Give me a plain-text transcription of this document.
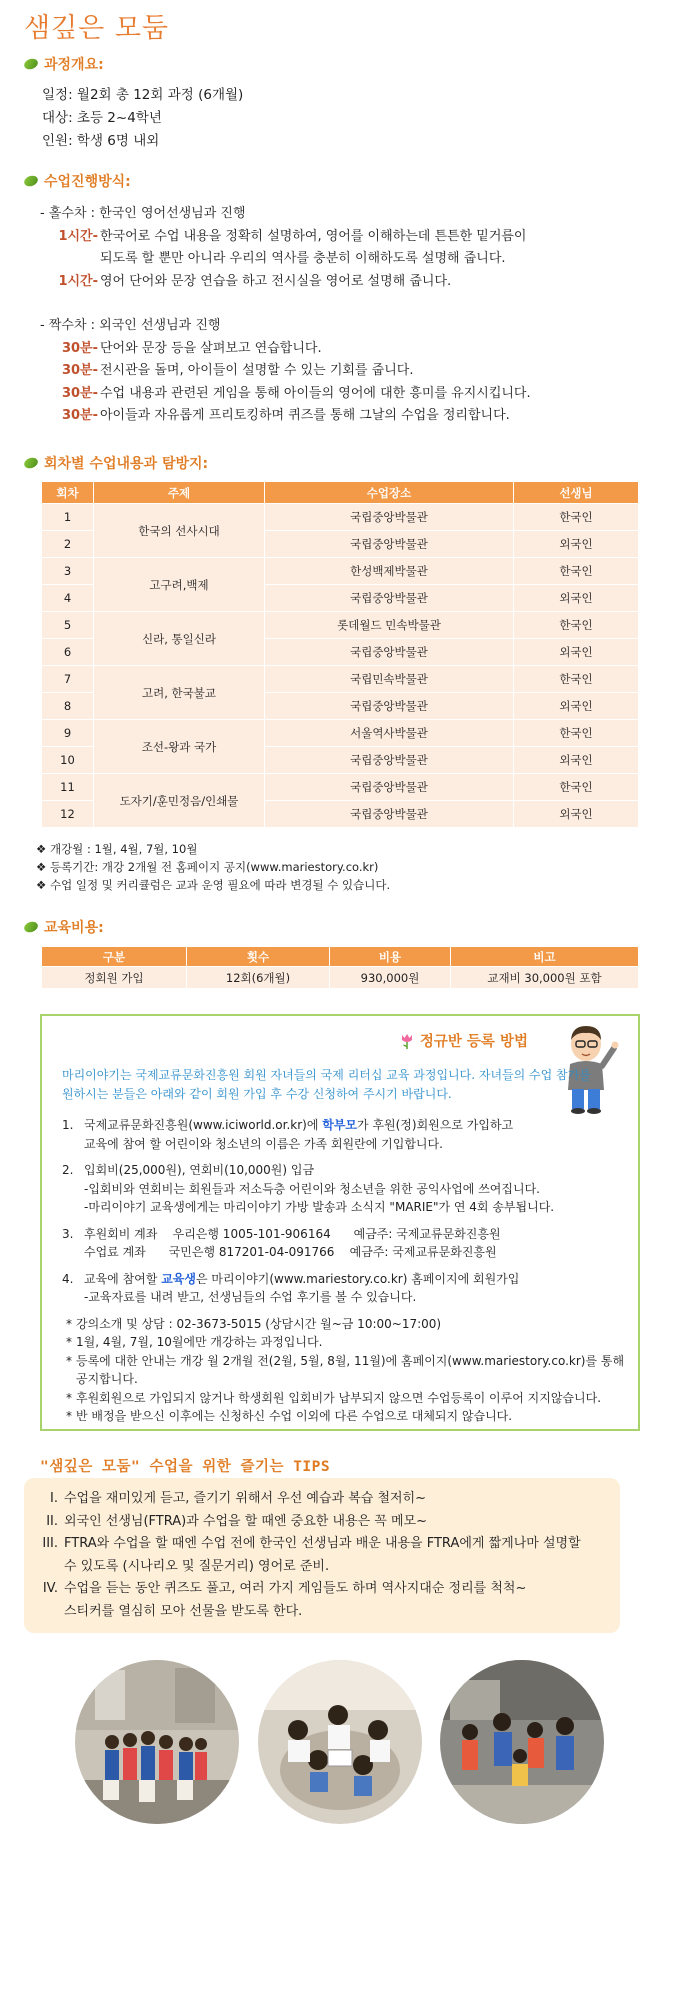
샘깊은 모둠
과정개요:
일정: 월2회 총 12회 과정 (6개월)
대상: 초등 2~4학년
인원: 학생 6명 내외
수업진행방식:
- 홀수차 : 한국인 영어선생님과 진행
1시간- 한국어로 수업 내용을 정확히 설명하여, 영어를 이해하는데 튼튼한 밑거름이
되도록 할 뿐만 아니라 우리의 역사를 충분히 이해하도록 설명해 줍니다.
1시간- 영어 단어와 문장 연습을 하고 전시실을 영어로 설명해 줍니다.
- 짝수차 : 외국인 선생님과 진행
30분- 단어와 문장 등을 살펴보고 연습합니다.
30분- 전시관을 돌며, 아이들이 설명할 수 있는 기회를 줍니다.
30분- 수업 내용과 관련된 게임을 통해 아이들의 영어에 대한 흥미를 유지시킵니다.
30분- 아이들과 자유롭게 프리토킹하며 퀴즈를 통해 그날의 수업을 정리합니다.
회차별 수업내용과 탐방지:
회차	주제	수업장소	선생님
1	한국의 선사시대	국립중앙박물관	한국인
2		국립중앙박물관	외국인
3	고구려,백제	한성백제박물관	한국인
4		국립중앙박물관	외국인
5	신라, 통일신라	롯데월드 민속박물관	한국인
6		국립중앙박물관	외국인
7	고려, 한국불교	국립민속박물관	한국인
8		국립중앙박물관	외국인
9	조선-왕과 국가	서울역사박물관	한국인
10		국립중앙박물관	외국인
11	도자기/훈민정음/인쇄물	국립중앙박물관	한국인
12		국립중앙박물관	외국인
❖ 개강월 : 1월, 4월, 7월, 10월
❖ 등록기간: 개강 2개월 전 홈페이지 공지(www.mariestory.co.kr)
❖ 수업 일정 및 커리큘럼은 교과 운영 필요에 따라 변경될 수 있습니다.
교육비용:
구분	횟수	비용	비고
정회원 가입	12회(6개월)	930,000원	교재비 30,000원 포함
정규반 등록 방법
마리이야기는 국제교류문화진흥원 회원 자녀들의 국제 리터십 교육 과정입니다. 자녀들의 수업 참가를 원하시는 분들은 아래와 같이 회원 가입 후 수강 신청하여 주시기 바랍니다.
1. 국제교류문화진흥원(www.iciworld.or.kr)에 학부모가 후원(정)회원으로 가입하고
교육에 참여 할 어린이와 청소년의 이름은 가족 회원란에 기입합니다.
2. 입회비(25,000원), 연회비(10,000원) 입금
-입회비와 연회비는 회원들과 저소득층 어린이와 청소년을 위한 공익사업에 쓰여집니다.
-마리이야기 교육생에게는 마리이야기 가방 발송과 소식지 "MARIE"가 연 4회 송부됩니다.
3. 후원회비 계좌    우리은행 1005-101-906164      예금주: 국제교류문화진흥원
수업료 계좌      국민은행 817201-04-091766    예금주: 국제교류문화진흥원
4. 교육에 참여할 교육생은 마리이야기(www.mariestory.co.kr) 홈페이지에 회원가입
-교육자료를 내려 받고, 선생님들의 수업 후기를 볼 수 있습니다.
* 강의소개 및 상담 : 02-3673-5015 (상담시간 월~금 10:00~17:00)
* 1월, 4월, 7월, 10월에만 개강하는 과정입니다.
* 등록에 대한 안내는 개강 월 2개월 전(2월, 5월, 8월, 11월)에 홈페이지(www.mariestory.co.kr)를 통해 공지합니다.
* 후원회원으로 가입되지 않거나 학생회원 입회비가 납부되지 않으면 수업등록이 이루어 지지않습니다.
* 반 배정을 받으신 이후에는 신청하신 수업 이외에 다른 수업으로 대체되지 않습니다.
"샘깊은 모둠" 수업을 위한 즐기는 TIPS
I. 수업을 재미있게 듣고, 즐기기 위해서 우선 예습과 복습 철저히~
II. 외국인 선생님(FTRA)과 수업을 할 때엔 중요한 내용은 꼭 메모~
III. FTRA와 수업을 할 때엔 수업 전에 한국인 선생님과 배운 내용을 FTRA에게 짧게나마 설명할
수 있도록 (시나리오 및 질문거리) 영어로 준비.
IV. 수업을 듣는 동안 퀴즈도 풀고, 여러 가지 게임들도 하며 역사지대순 정리를 척척~
스티커를 열심히 모아 선물을 받도록 한다.
